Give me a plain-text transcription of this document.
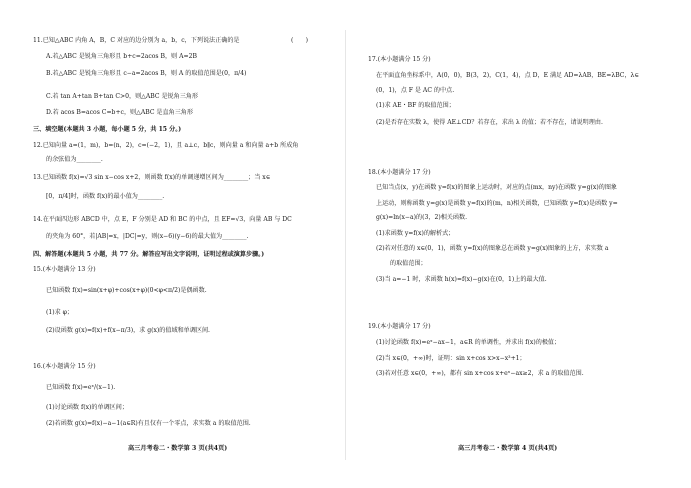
11.已知△ABC 内角 A，B，C 对应的边分别为 a，b，c，下列说法正确的是	(　　)
A.若△ABC 是锐角三角形且 b+c=2acos B，则 A=2B
B.若△ABC 是锐角三角形且 c−a=2acos B，则 A 的取值范围是(0，π/4)
C.若 tan A+tan B+tan C>0，则△ABC 是锐角三角形
D.若 acos B=acos C=b+c，则△ABC 是直角三角形
三、填空题(本题共 3 小题，每小题 5 分，共 15 分。)
12.已知向量 a=(1，m)，b=(n，2)，c=(−2，1)，且 a⊥c，b∥c，则向量 a 和向量 a+b 所成角
的余弦值为________.
13.已知函数 f(x)=√3 sin x−cos x+2，则函数 f(x)的单调递增区间为________；当 x∈
[0，π/4]时，函数 f(x)的最小值为________.
14.在平面四边形 ABCD 中，点 E，F 分别是 AD 和 BC 的中点，且 EF=√3，向量 AB 与 DC
的夹角为 60°，若|AB|=x，|DC|=y，则(x−6)(y−6)的最大值为________.
四、解答题(本题共 5 小题，共 77 分。解答应写出文字说明，证明过程或演算步骤。)
15.(本小题满分 13 分)
已知函数 f(x)=sin(x+φ)+cos(x+φ)(0<φ<π/2)是偶函数.
(1)求 φ；
(2)设函数 g(x)=f(x)+f(x−π/3)，求 g(x)的值域和单调区间.
16.(本小题满分 15 分)
已知函数 f(x)=eˣ/(x−1).
(1)讨论函数 f(x)的单调区间；
(2)若函数 g(x)=f(x)−a−1(a∈R)有且仅有一个零点，求实数 a 的取值范围.
高三月考卷二・数学第 3 页(共4页)
17.(本小题满分 15 分)
在平面直角坐标系中，A(0，0)，B(3，2)，C(1，4)，点 D，E 满足 AD=λAB，BE=λBC，λ∈
(0，1)，点 F 是 AC 的中点.
(1)求 AE・BF 的取值范围；
(2)是否存在实数 λ，使得 AE⊥CD？若存在，求出 λ 的值；若不存在，请说明理由.
18.(本小题满分 17 分)
已知当点(x，y)在函数 y=f(x)的图象上运动时，对应的点(mx，ny)在函数 y=g(x)的图象
上运动，则称函数 y=g(x)是函数 y=f(x)的(m，n)相关函数，已知函数 y=f(x)是函数 y=
g(x)=ln(x−a)的(3，2)相关函数.
(1)求函数 y=f(x)的解析式；
(2)若对任意的 x∈(0，1)，函数 y=f(x)的图象总在函数 y=g(x)图象的上方，求实数 a
的取值范围；
(3)当 a=−1 时，求函数 h(x)=f(x)−g(x)在(0，1)上的最大值.
19.(本小题满分 17 分)
(1)讨论函数 f(x)=eˣ−ax−1，a∈R 的单调性，并求出 f(x)的极值；
(2)当 x∈(0，+∞)时，证明：sin x+cos x>x−x³+1；
(3)若对任意 x∈(0，+∞)，都有 sin x+cos x+eˣ−ax≥2，求 a 的取值范围.
高三月考卷二・数学第 4 页(共4页)
